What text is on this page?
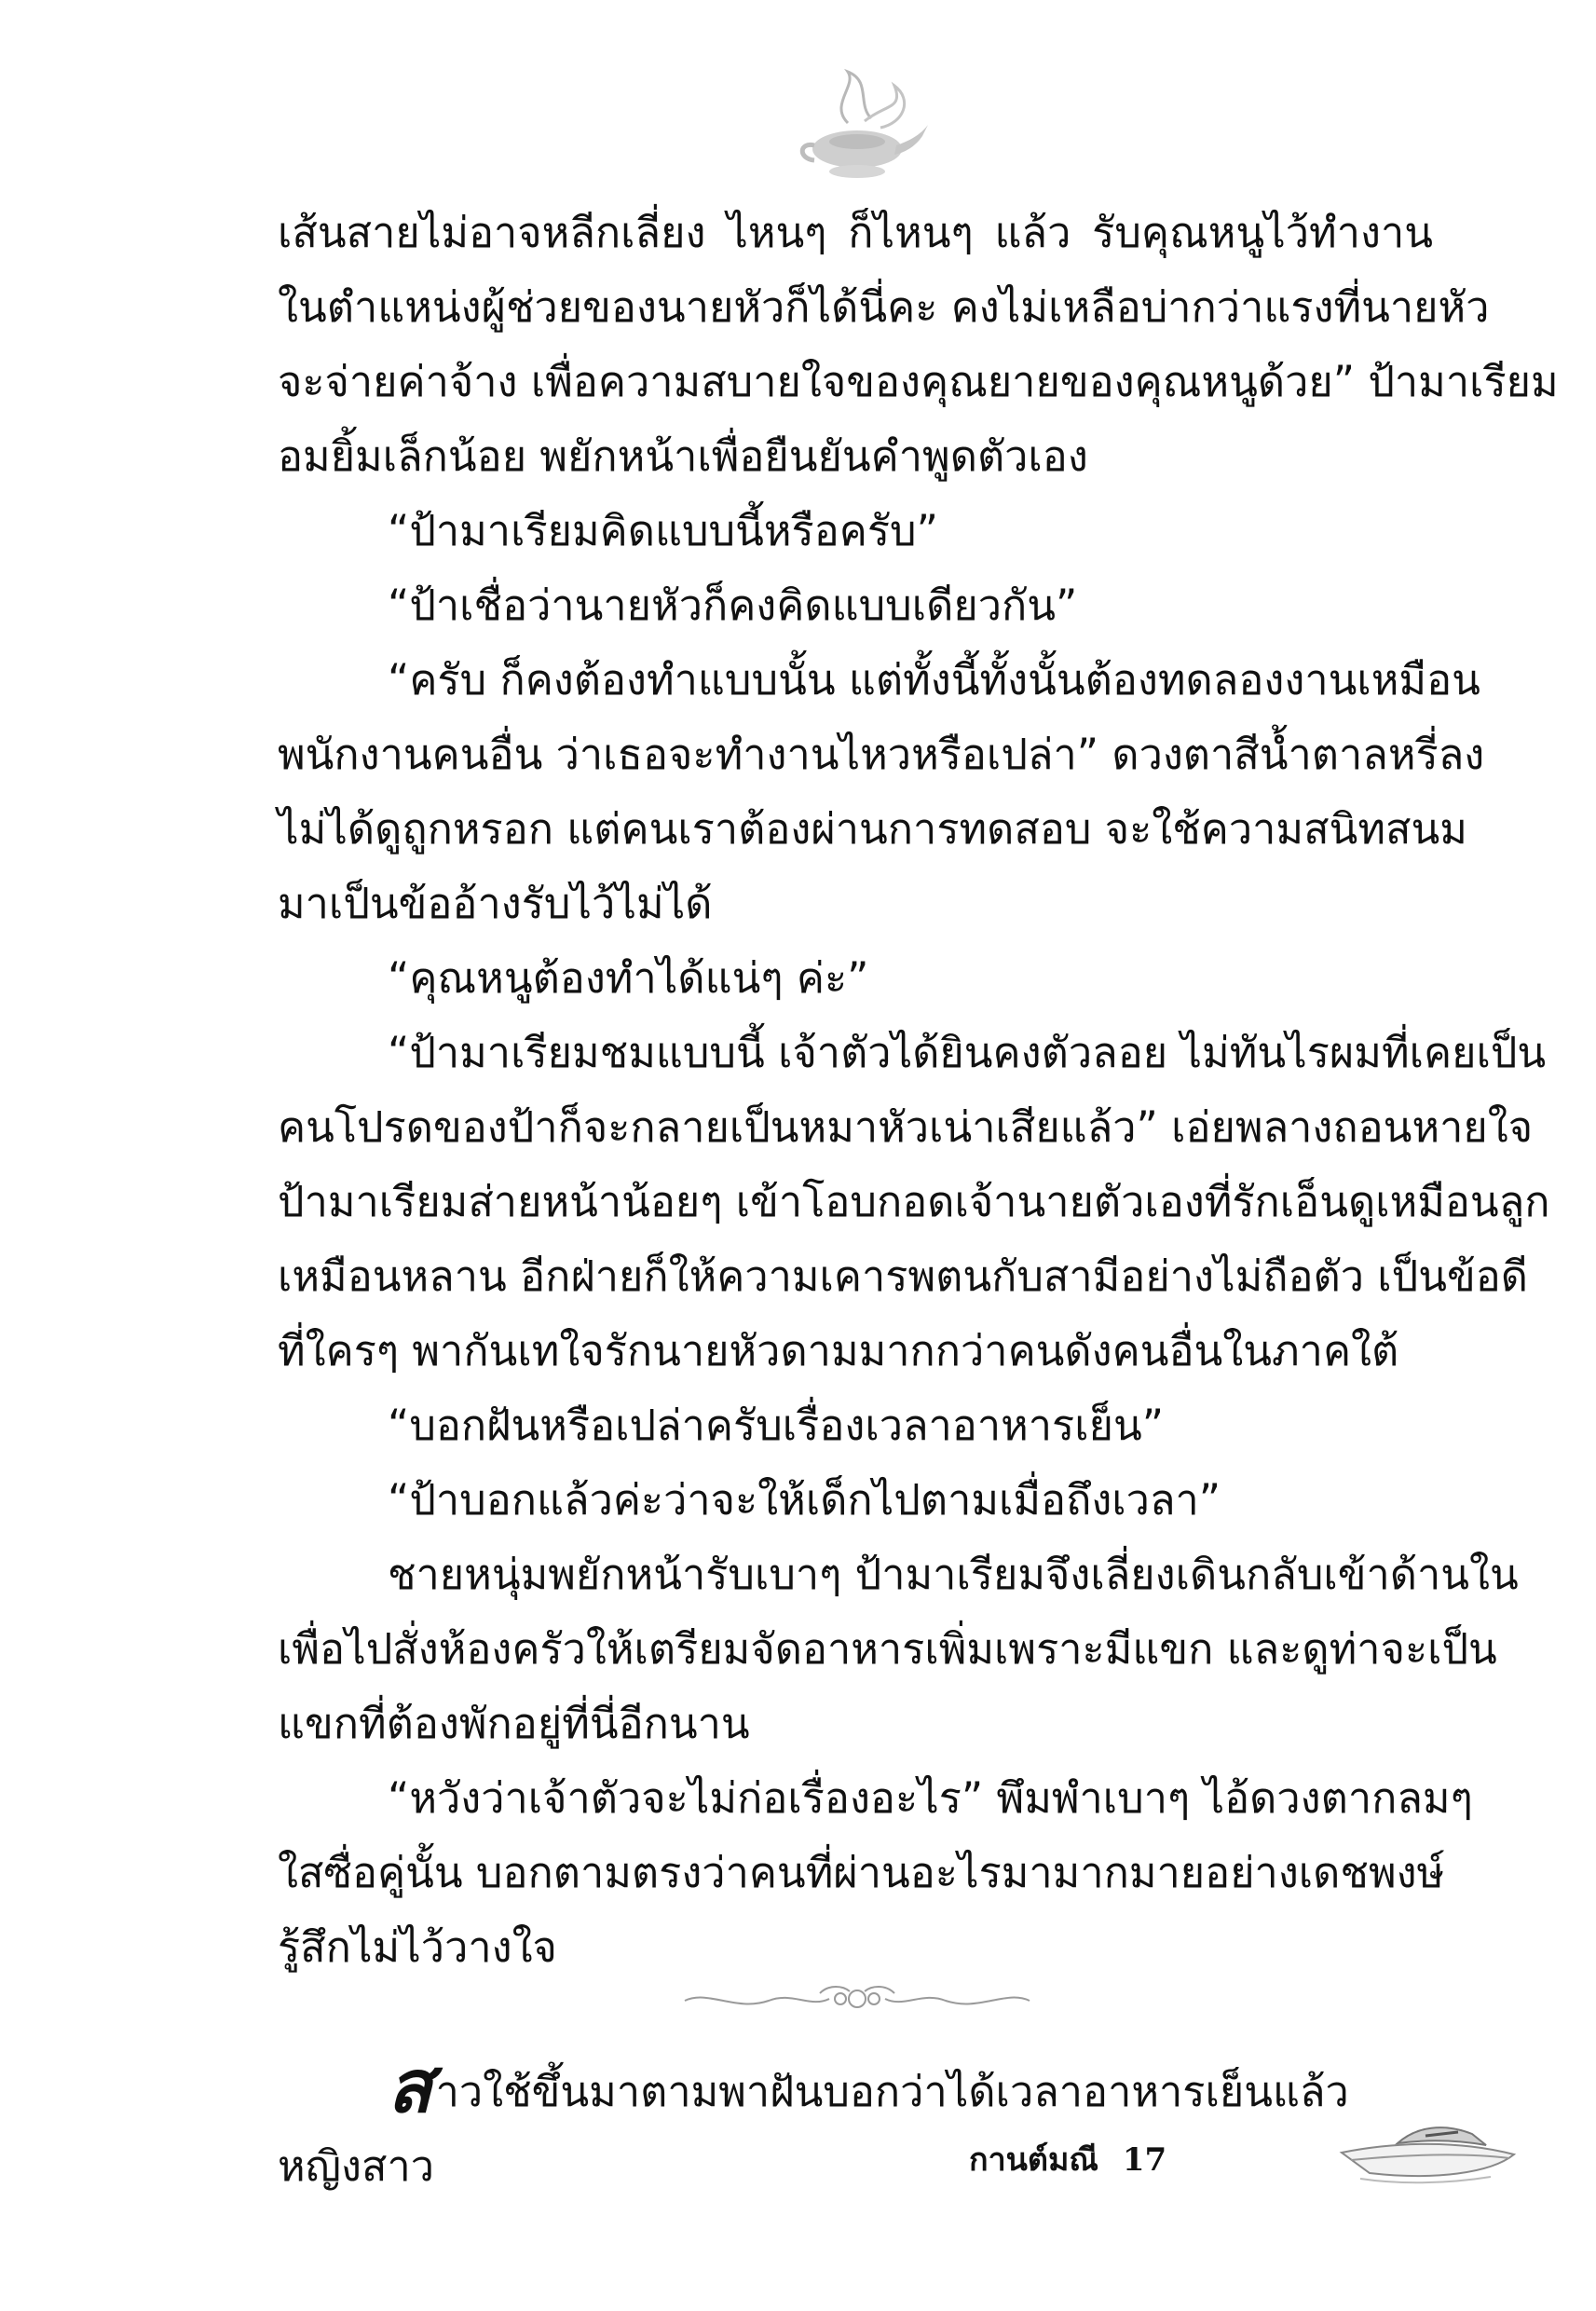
เส้นสายไม่อาจหลีกเลี่ยง ไหนๆ ก็ไหนๆ แล้ว รับคุณหนูไว้ทำงาน

ในตำแหน่งผู้ช่วยของนายหัวก็ได้นี่คะ คงไม่เหลือบ่ากว่าแรงที่นายหัว

จะจ่ายค่าจ้าง เพื่อความสบายใจของคุณยายของคุณหนูด้วย” ป้ามาเรียม

อมยิ้มเล็กน้อย พยักหน้าเพื่อยืนยันคำพูดตัวเอง

“ป้ามาเรียมคิดแบบนี้หรือครับ”

“ป้าเชื่อว่านายหัวก็คงคิดแบบเดียวกัน”

“ครับ ก็คงต้องทำแบบนั้น แต่ทั้งนี้ทั้งนั้นต้องทดลองงานเหมือน

พนักงานคนอื่น ว่าเธอจะทำงานไหวหรือเปล่า” ดวงตาสีน้ำตาลหรี่ลง

ไม่ได้ดูถูกหรอก แต่คนเราต้องผ่านการทดสอบ จะใช้ความสนิทสนม

มาเป็นข้ออ้างรับไว้ไม่ได้

“คุณหนูต้องทำได้แน่ๆ ค่ะ”

“ป้ามาเรียมชมแบบนี้ เจ้าตัวได้ยินคงตัวลอย ไม่ทันไรผมที่เคยเป็น

คนโปรดของป้าก็จะกลายเป็นหมาหัวเน่าเสียแล้ว” เอ่ยพลางถอนหายใจ

ป้ามาเรียมส่ายหน้าน้อยๆ เข้าโอบกอดเจ้านายตัวเองที่รักเอ็นดูเหมือนลูก

เหมือนหลาน อีกฝ่ายก็ให้ความเคารพตนกับสามีอย่างไม่ถือตัว เป็นข้อดี

ที่ใครๆ พากันเทใจรักนายหัวดามมากกว่าคนดังคนอื่นในภาคใต้

“บอกฝันหรือเปล่าครับเรื่องเวลาอาหารเย็น”

“ป้าบอกแล้วค่ะว่าจะให้เด็กไปตามเมื่อถึงเวลา”

ชายหนุ่มพยักหน้ารับเบาๆ ป้ามาเรียมจึงเลี่ยงเดินกลับเข้าด้านใน

เพื่อไปสั่งห้องครัวให้เตรียมจัดอาหารเพิ่มเพราะมีแขก และดูท่าจะเป็น

แขกที่ต้องพักอยู่ที่นี่อีกนาน

“หวังว่าเจ้าตัวจะไม่ก่อเรื่องอะไร” พึมพำเบาๆ ไอ้ดวงตากลมๆ

ใสซื่อคู่นั้น บอกตามตรงว่าคนที่ผ่านอะไรมามากมายอย่างเดชพงษ์

รู้สึกไม่ไว้วางใจ

สาวใช้ขึ้นมาตามพาฝันบอกว่าได้เวลาอาหารเย็นแล้ว หญิงสาว	กานต์มณี 17
